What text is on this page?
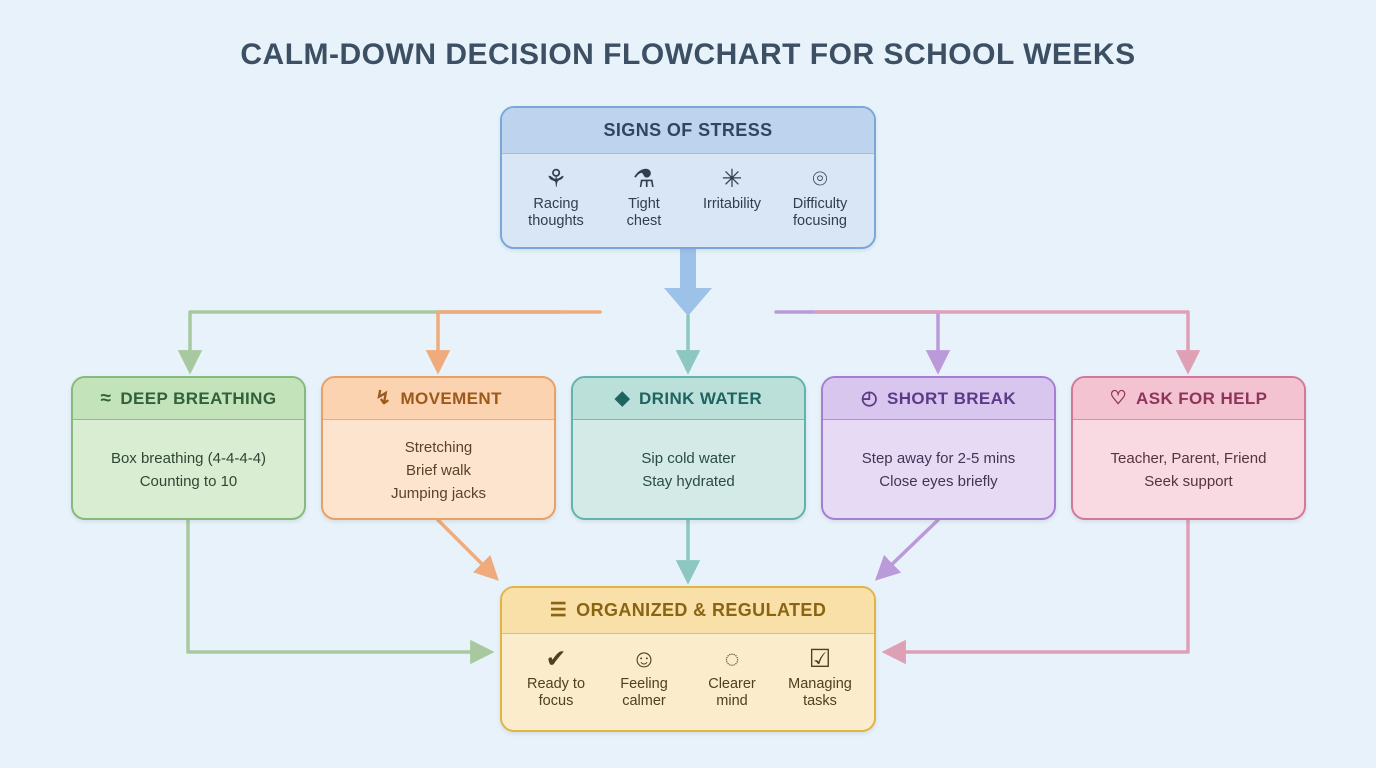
CALM-DOWN DECISION FLOWCHART FOR SCHOOL WEEKS
SIGNS OF STRESS
⚘
Racing
thoughts
⚗
Tight
chest
✳
Irritability
⌾
Difficulty
focusing
≈ DEEP BREATHING
Box breathing (4-4-4-4)
Counting to 10
↯ MOVEMENT
Stretching
Brief walk
Jumping jacks
◆ DRINK WATER
Sip cold water
Stay hydrated
◴ SHORT BREAK
Step away for 2-5 mins
Close eyes briefly
♡ ASK FOR HELP
Teacher, Parent, Friend
Seek support
☰ ORGANIZED & REGULATED
✔
Ready to
focus
☺
Feeling
calmer
◌
Clearer
mind
☑
Managing
tasks
